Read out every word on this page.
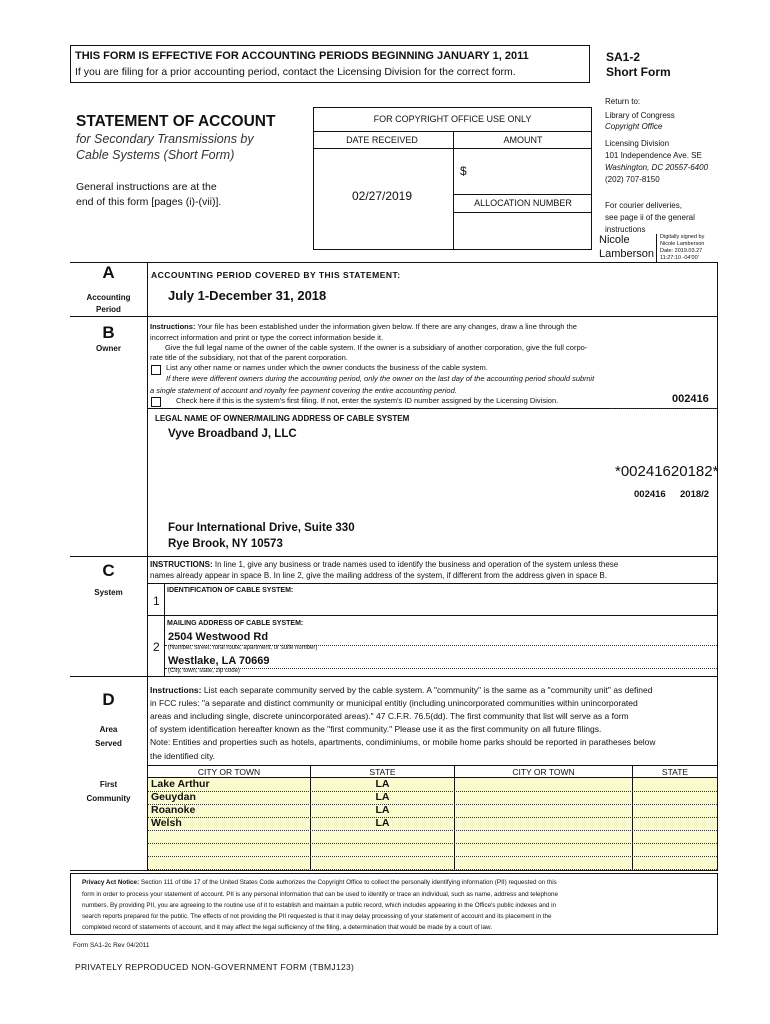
THIS FORM IS EFFECTIVE FOR ACCOUNTING PERIODS BEGINNING JANUARY 1, 2011
If you are filing for a prior accounting period, contact the Licensing Division for the correct form.
SA1-2
Short Form
STATEMENT OF ACCOUNT
for Secondary Transmissions by
Cable Systems (Short Form)
General instructions are at the
end of this form [pages (i)-(vii)].
FOR COPYRIGHT OFFICE USE ONLY
DATE RECEIVED	AMOUNT
$
ALLOCATION NUMBER
02/27/2019
Return to:
Library of Congress
Copyright Office
Licensing Division
101 Independence Ave. SE
Washington, DC 20557-6400
(202) 707-8150
For courier deliveries,
see page ii of the general
instructions
Nicole
Lamberson
Digitally signed by
Nicole Lamberson
Date: 2019.03.27
11:27:10 -04'00'
A
Accounting
Period
ACCOUNTING PERIOD COVERED BY THIS STATEMENT:
July 1-December 31, 2018
B
Owner
Instructions: Your file has been established under the information given below. If there are any changes, draw a line through the
incorrect information and print or type the correct information beside it.
Give the full legal name of the owner of the cable system. If the owner is a subsidiary of another corporation, give the full corpo-
rate title of the subsidiary, not that of the parent corporation.
List any other name or names under which the owner conducts the business of the cable system.
If there were different owners during the accounting period, only the owner on the last day of the accounting period should submit
a single statement of account and royalty fee payment covering the entire accounting period.
Check here if this is the system's first filing. If not, enter the system's ID number assigned by the Licensing Division.	002416
LEGAL NAME OF OWNER/MAILING ADDRESS OF CABLE SYSTEM
Vyve Broadband J, LLC
*00241620182*
002416 2018/2
Four International Drive, Suite 330
Rye Brook, NY 10573
C
System
INSTRUCTIONS: In line 1, give any business or trade names used to identify the business and operation of the system unless these
names already appear in space B. In line 2, give the mailing address of the system, if different from the address given in space B.
1
IDENTIFICATION OF CABLE SYSTEM:
2
MAILING ADDRESS OF CABLE SYSTEM:
2504 Westwood Rd
(Number, street, rural route, apartment, or suite number)
Westlake, LA 70669
(City, town, state, zip code)
D
Area
Served
First
Community
Instructions: List each separate community served by the cable system. A "community" is the same as a "community unit" as defined
in FCC rules: "a separate and distinct community or municipal entitiy (including unincorporated communities within unincorporated
areas and including single, discrete unincorporated areas)." 47 C.F.R. 76.5(dd). The first community that list will serve as a form
of system identification hereafter known as the "first community." Please use it as the first community on all future filings.
Note: Entities and properties such as hotels, apartments, condiminiums, or mobile home parks should be reported in paratheses below
the identified city.
CITY OR TOWN	STATE	CITY OR TOWN	STATE
Lake Arthur	LA
Geuydan	LA
Roanoke	LA
Welsh	LA
Privacy Act Notice: Section 111 of title 17 of the United States Code authorizes the Copyright Office to collect the personally identifying information (PII) requested on this
form in order to process your statement of account. PII is any personal information that can be used to identify or trace an individual, such as name, address and telephone
numbers. By providing PII, you are agreeing to the routine use of it to establish and maintain a public record, which includes appearing in the Office's public indexes and in
search reports prepared for the public. The effects of not providing the PII requested is that it may delay processing of your statement of account and its placement in the
completed record of statements of account, and it may affect the legal sufficiency of the filing, a determination that would be made by a court of law.
Form SA1-2c Rev 04/2011
PRIVATELY REPRODUCED NON-GOVERNMENT FORM (TBMJ123)
